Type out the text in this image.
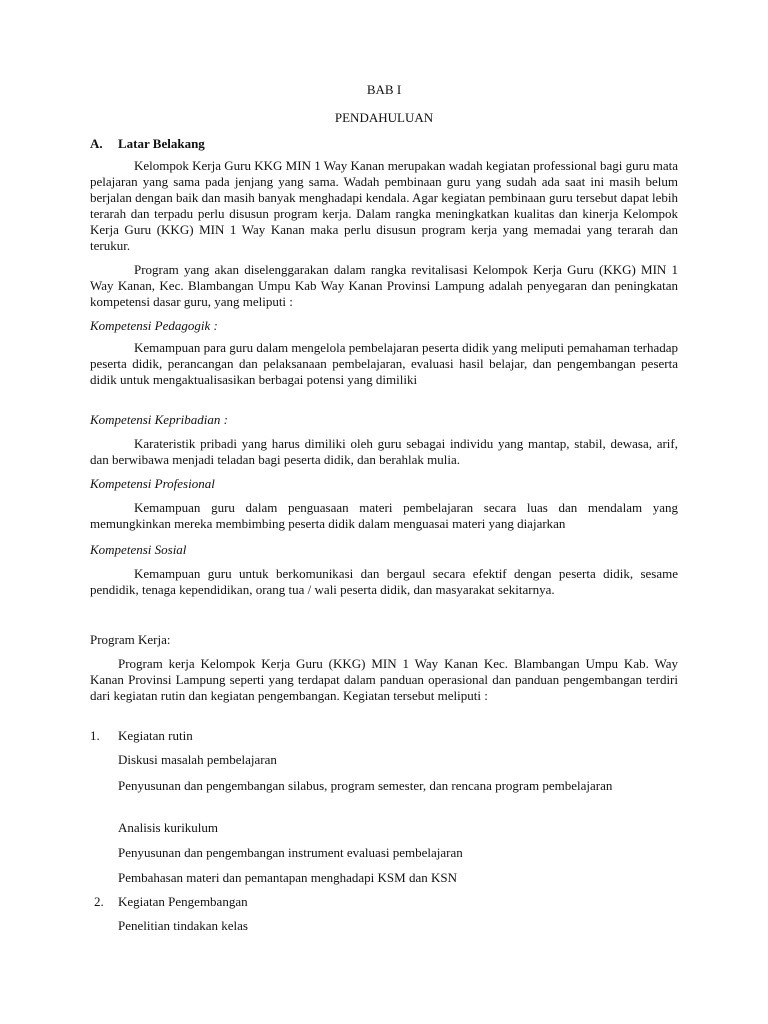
BAB I
PENDAHULUAN
A. Latar Belakang

Kelompok Kerja Guru KKG MIN 1 Way Kanan merupakan wadah kegiatan professional bagi guru mata pelajaran yang sama pada jenjang yang sama. Wadah pembinaan guru yang sudah ada saat ini masih belum berjalan dengan baik dan masih banyak menghadapi kendala. Agar kegiatan pembinaan guru tersebut dapat lebih terarah dan terpadu perlu disusun program kerja. Dalam rangka meningkatkan kualitas dan kinerja Kelompok Kerja Guru (KKG) MIN 1 Way Kanan maka perlu disusun program kerja yang memadai yang terarah dan terukur.

Program yang akan diselenggarakan dalam rangka revitalisasi Kelompok Kerja Guru (KKG) MIN 1 Way Kanan, Kec. Blambangan Umpu Kab Way Kanan Provinsi Lampung adalah penyegaran dan peningkatan kompetensi dasar guru, yang meliputi :

Kompetensi Pedagogik :

Kemampuan para guru dalam mengelola pembelajaran peserta didik yang meliputi pemahaman terhadap peserta didik, perancangan dan pelaksanaan pembelajaran, evaluasi hasil belajar, dan pengembangan peserta didik untuk mengaktualisasikan berbagai potensi yang dimiliki

Kompetensi Kepribadian :

Karateristik pribadi yang harus dimiliki oleh guru sebagai individu yang mantap, stabil, dewasa, arif, dan berwibawa menjadi teladan bagi peserta didik, dan berahlak mulia.

Kompetensi Profesional

Kemampuan guru dalam penguasaan materi pembelajaran secara luas dan mendalam yang memungkinkan mereka membimbing peserta didik dalam menguasai materi yang diajarkan

Kompetensi Sosial

Kemampuan guru untuk berkomunikasi dan bergaul secara efektif dengan peserta didik, sesame pendidik, tenaga kependidikan, orang tua / wali peserta didik, dan masyarakat sekitarnya.

Program Kerja:

Program kerja Kelompok Kerja Guru (KKG) MIN 1 Way Kanan Kec. Blambangan Umpu Kab. Way Kanan Provinsi Lampung seperti yang terdapat dalam panduan operasional dan panduan pengembangan terdiri dari kegiatan rutin dan kegiatan pengembangan. Kegiatan tersebut meliputi :

1. Kegiatan rutin
Diskusi masalah pembelajaran
Penyusunan dan pengembangan silabus, program semester, dan rencana program pembelajaran
Analisis kurikulum
Penyusunan dan pengembangan instrument evaluasi pembelajaran
Pembahasan materi dan pemantapan menghadapi KSM dan KSN
2. Kegiatan Pengembangan
Penelitian tindakan kelas
